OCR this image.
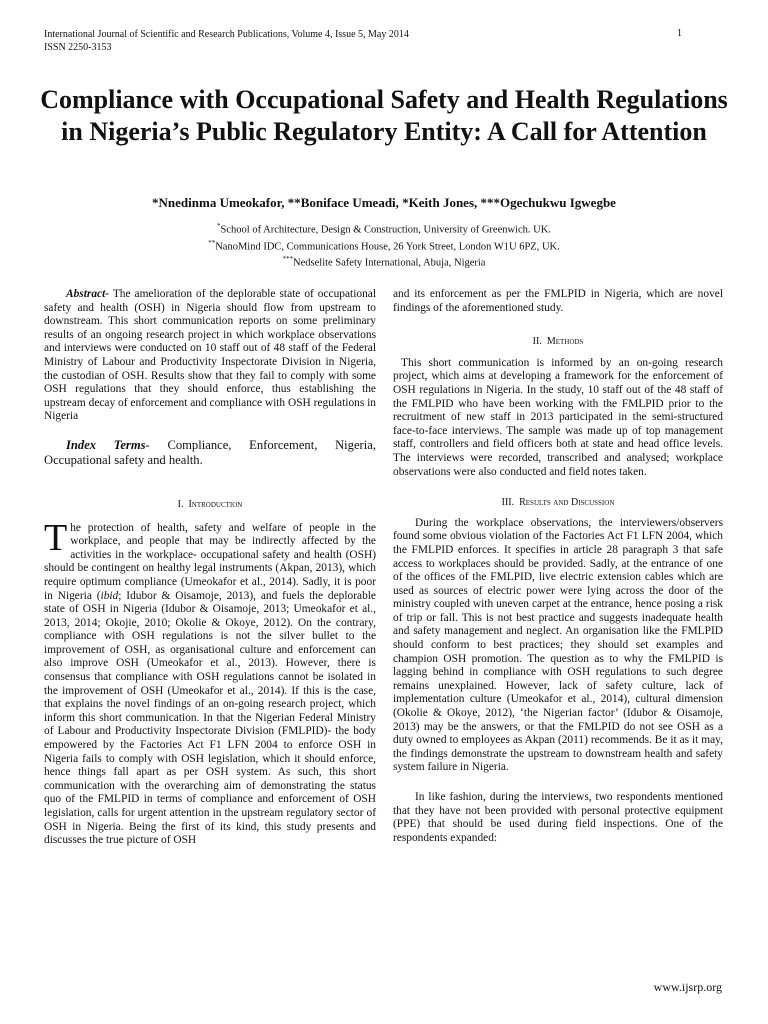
International Journal of Scientific and Research Publications, Volume 4, Issue 5, May 2014
ISSN 2250-3153
1
Compliance with Occupational Safety and Health Regulations in Nigeria’s Public Regulatory Entity: A Call for Attention
*Nnedinma Umeokafor, **Boniface Umeadi, *Keith Jones, ***Ogechukwu Igwegbe
*School of Architecture, Design & Construction, University of Greenwich. UK.
**NanoMind IDC, Communications House, 26 York Street, London W1U 6PZ, UK.
***Nedselite Safety International, Abuja, Nigeria

Abstract- The amelioration of the deplorable state of occupational safety and health (OSH) in Nigeria should flow from upstream to downstream. This short communication reports on some preliminary results of an ongoing research project in which workplace observations and interviews were conducted on 10 staff out of 48 staff of the Federal Ministry of Labour and Productivity Inspectorate Division in Nigeria, the custodian of OSH. Results show that they fail to comply with some OSH regulations that they should enforce, thus establishing the upstream decay of enforcement and compliance with OSH regulations in Nigeria

Index Terms- Compliance, Enforcement, Nigeria, Occupational safety and health.

I. Introduction

The protection of health, safety and welfare of people in the workplace, and people that may be indirectly affected by the activities in the workplace- occupational safety and health (OSH) should be contingent on healthy legal instruments (Akpan, 2013), which require optimum compliance (Umeokafor et al., 2014). Sadly, it is poor in Nigeria (ibid; Idubor & Oisamoje, 2013), and fuels the deplorable state of OSH in Nigeria (Idubor & Oisamoje, 2013; Umeokafor et al., 2013, 2014; Okojie, 2010; Okolie & Okoye, 2012). On the contrary, compliance with OSH regulations is not the silver bullet to the improvement of OSH, as organisational culture and enforcement can also improve OSH (Umeokafor et al., 2013). However, there is consensus that compliance with OSH regulations cannot be isolated in the improvement of OSH (Umeokafor et al., 2014). If this is the case, that explains the novel findings of an on-going research project, which inform this short communication. In that the Nigerian Federal Ministry of Labour and Productivity Inspectorate Division (FMLPID)- the body empowered by the Factories Act F1 LFN 2004 to enforce OSH in Nigeria fails to comply with OSH legislation, which it should enforce, hence things fall apart as per OSH system. As such, this short communication with the overarching aim of demonstrating the status quo of the FMLPID in terms of compliance and enforcement of OSH legislation, calls for urgent attention in the upstream regulatory sector of OSH in Nigeria. Being the first of its kind, this study presents and discusses the true picture of OSH

and its enforcement as per the FMLPID in Nigeria, which are novel findings of the aforementioned study.

II. Methods

This short communication is informed by an on-going research project, which aims at developing a framework for the enforcement of OSH regulations in Nigeria. In the study, 10 staff out of the 48 staff of the FMLPID who have been working with the FMLPID prior to the recruitment of new staff in 2013 participated in the semi-structured face-to-face interviews. The sample was made up of top management staff, controllers and field officers both at state and head office levels. The interviews were recorded, transcribed and analysed; workplace observations were also conducted and field notes taken.

III. Results and Discussion

During the workplace observations, the interviewers/observers found some obvious violation of the Factories Act F1 LFN 2004, which the FMLPID enforces. It specifies in article 28 paragraph 3 that safe access to workplaces should be provided. Sadly, at the entrance of one of the offices of the FMLPID, live electric extension cables which are used as sources of electric power were lying across the door of the ministry coupled with uneven carpet at the entrance, hence posing a risk of trip or fall. This is not best practice and suggests inadequate health and safety management and neglect. An organisation like the FMLPID should conform to best practices; they should set examples and champion OSH promotion. The question as to why the FMLPID is lagging behind in compliance with OSH regulations to such degree remains unexplained. However, lack of safety culture, lack of implementation culture (Umeokafor et al., 2014), cultural dimension (Okolie & Okoye, 2012), ‘the Nigerian factor’ (Idubor & Oisamoje, 2013) may be the answers, or that the FMLPID do not see OSH as a duty owned to employees as Akpan (2011) recommends. Be it as it may, the findings demonstrate the upstream to downstream health and safety system failure in Nigeria.

In like fashion, during the interviews, two respondents mentioned that they have not been provided with personal protective equipment (PPE) that should be used during field inspections. One of the respondents expanded:

www.ijsrp.org
